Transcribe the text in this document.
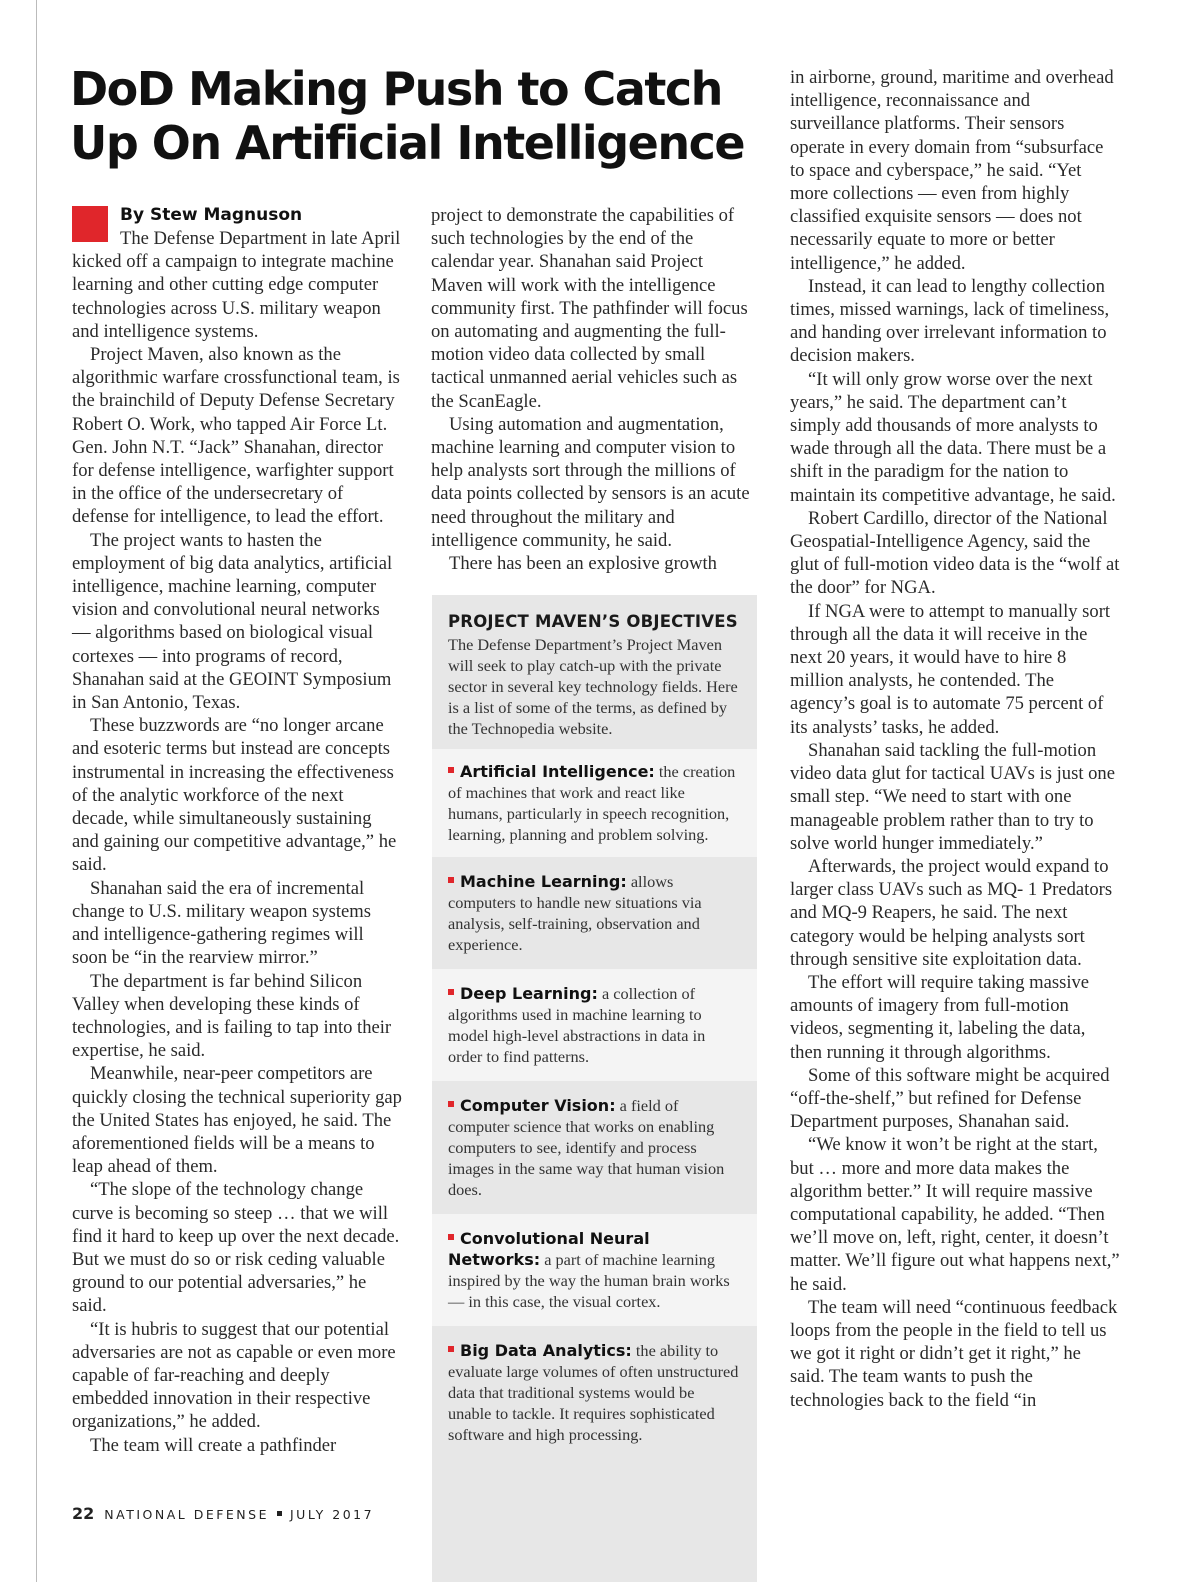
DoD Making Push to Catch Up On Artificial Intelligence
By Stew Magnuson

The Defense Department in late April kicked off a campaign to integrate machine learning and other cutting edge computer technologies across U.S. military weapon and intelligence systems.

Project Maven, also known as the algorithmic warfare crossfunctional team, is the brainchild of Deputy Defense Secretary Robert O. Work, who tapped Air Force Lt. Gen. John N.T. “Jack” Shanahan, director for defense intelligence, warfighter support in the office of the undersecretary of defense for intelligence, to lead the effort.

The project wants to hasten the employment of big data analytics, artificial intelligence, machine learning, computer vision and convolutional neural networks — algorithms based on biological visual cortexes — into programs of record, Shanahan said at the GEOINT Symposium in San Antonio, Texas.

These buzzwords are “no longer arcane and esoteric terms but instead are concepts instrumental in increasing the effectiveness of the analytic workforce of the next decade, while simultaneously sustaining and gaining our competitive advantage,” he said.

Shanahan said the era of incremental change to U.S. military weapon systems and intelligence-gathering regimes will soon be “in the rearview mirror.”

The department is far behind Silicon Valley when developing these kinds of technologies, and is failing to tap into their expertise, he said.

Meanwhile, near-peer competitors are quickly closing the technical superiority gap the United States has enjoyed, he said. The aforementioned fields will be a means to leap ahead of them.

“The slope of the technology change curve is becoming so steep … that we will find it hard to keep up over the next decade. But we must do so or risk ceding valuable ground to our potential adversaries,” he said.

“It is hubris to suggest that our potential adversaries are not as capable or even more capable of far-reaching and deeply embedded innovation in their respective organizations,” he added.

The team will create a pathfinder

project to demonstrate the capabilities of such technologies by the end of the calendar year. Shanahan said Project Maven will work with the intelligence community first. The pathfinder will focus on automating and augmenting the full-motion video data collected by small tactical unmanned aerial vehicles such as the ScanEagle.

Using automation and augmentation, machine learning and computer vision to help analysts sort through the millions of data points collected by sensors is an acute need throughout the military and intelligence community, he said.

There has been an explosive growth

PROJECT MAVEN’S OBJECTIVES
The Defense Department’s Project Maven will seek to play catch-up with the private sector in several key technology fields. Here is a list of some of the terms, as defined by the Technopedia website.
Artificial Intelligence: the creation of machines that work and react like humans, particularly in speech recognition, learning, planning and problem solving.
Machine Learning: allows computers to handle new situations via analysis, self-training, observation and experience.
Deep Learning: a collection of algorithms used in machine learning to model high-level abstractions in data in order to find patterns.
Computer Vision: a field of computer science that works on enabling computers to see, identify and process images in the same way that human vision does.
Convolutional Neural Networks: a part of machine learning inspired by the way the human brain works — in this case, the visual cortex.
Big Data Analytics: the ability to evaluate large volumes of often unstructured data that traditional systems would be unable to tackle. It requires sophisticated software and high processing.

in airborne, ground, maritime and overhead intelligence, reconnaissance and surveillance platforms. Their sensors operate in every domain from “subsurface to space and cyberspace,” he said. “Yet more collections — even from highly classified exquisite sensors — does not necessarily equate to more or better intelligence,” he added.

Instead, it can lead to lengthy collection times, missed warnings, lack of timeliness, and handing over irrelevant information to decision makers.

“It will only grow worse over the next years,” he said. The department can’t simply add thousands of more analysts to wade through all the data. There must be a shift in the paradigm for the nation to maintain its competitive advantage, he said.

Robert Cardillo, director of the National Geospatial-Intelligence Agency, said the glut of full-motion video data is the “wolf at the door” for NGA.

If NGA were to attempt to manually sort through all the data it will receive in the next 20 years, it would have to hire 8 million analysts, he contended. The agency’s goal is to automate 75 percent of its analysts’ tasks, he added.

Shanahan said tackling the full-motion video data glut for tactical UAVs is just one small step. “We need to start with one manageable problem rather than to try to solve world hunger immediately.”

Afterwards, the project would expand to larger class UAVs such as MQ- 1 Predators and MQ-9 Reapers, he said. The next category would be helping analysts sort through sensitive site exploitation data.

The effort will require taking massive amounts of imagery from full-motion videos, segmenting it, labeling the data, then running it through algorithms.

Some of this software might be acquired “off-the-shelf,” but refined for Defense Department purposes, Shanahan said.

“We know it won’t be right at the start, but … more and more data makes the algorithm better.” It will require massive computational capability, he added. “Then we’ll move on, left, right, center, it doesn’t matter. We’ll figure out what happens next,” he said.

The team will need “continuous feedback loops from the people in the field to tell us we got it right or didn’t get it right,” he said. The team wants to push the technologies back to the field “in

22 NATIONAL DEFENSE JULY 2017
